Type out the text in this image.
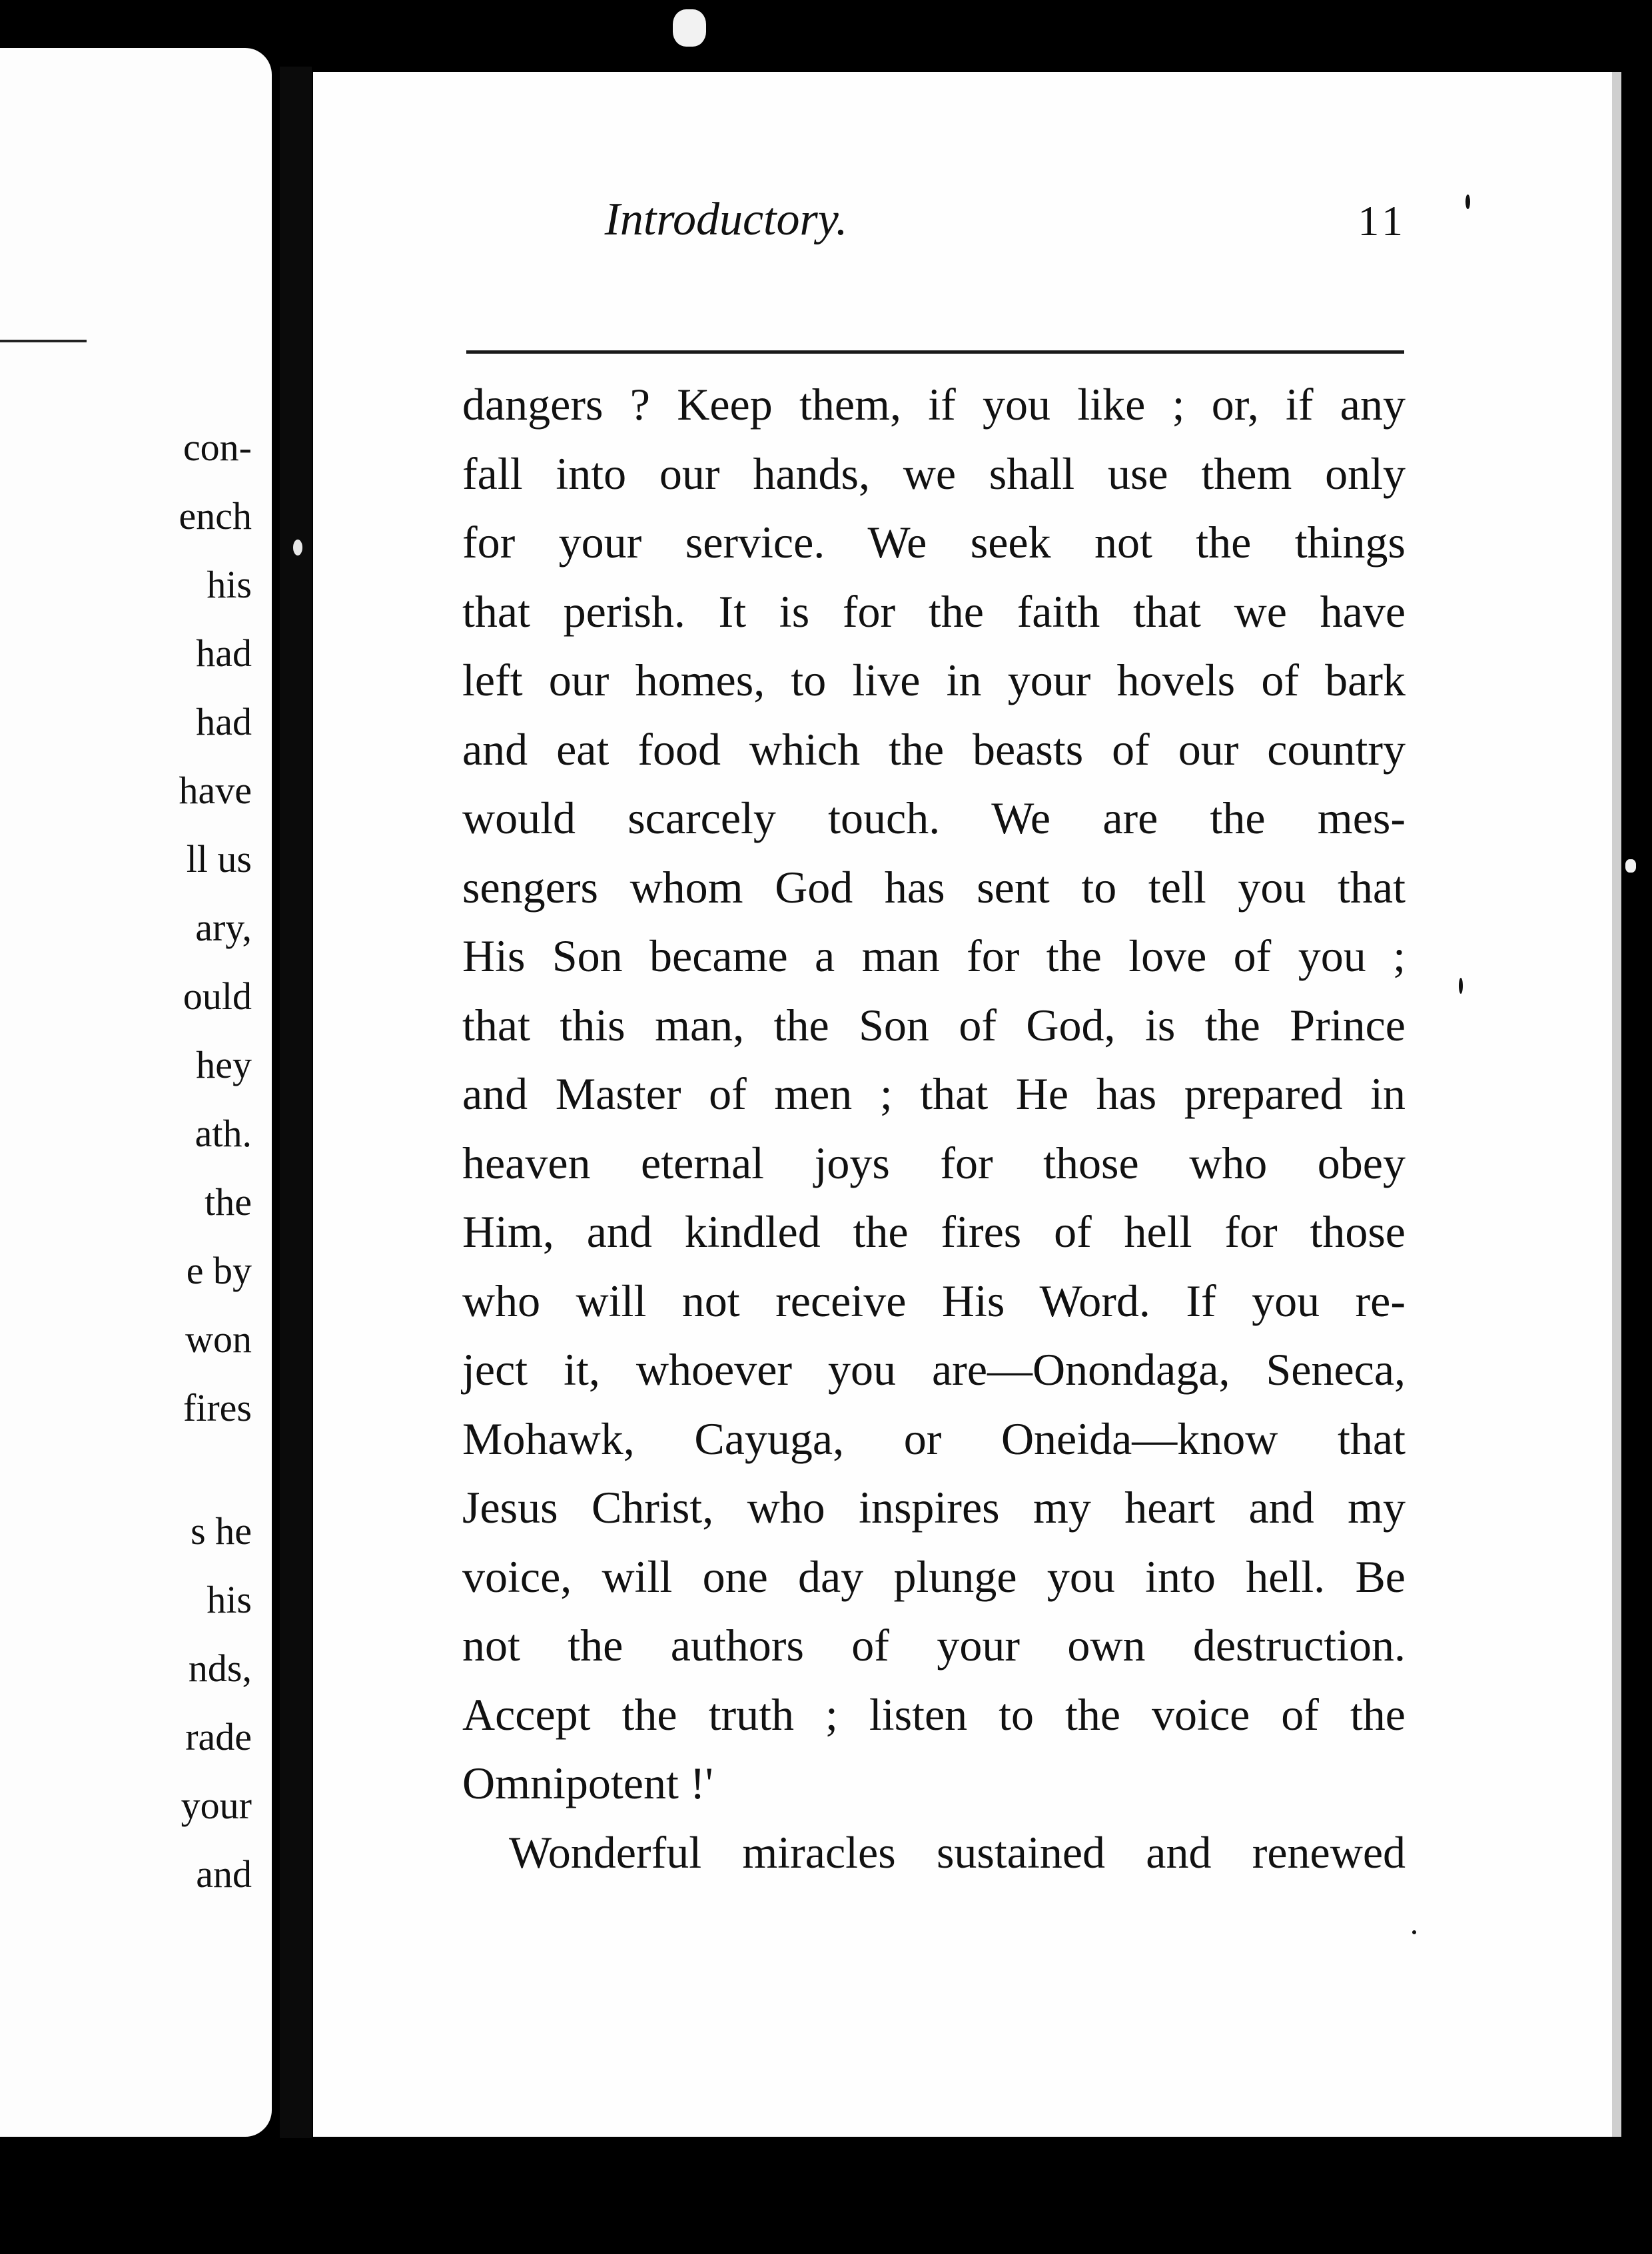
con-
ench
his
had
had
have
ll us
ary,
ould
hey
ath.
the
e by
won
fires
s he
his
nds,
rade
your
and
Introductory.	11
dangers ? Keep them, if you like ; or, if any
fall into our hands, we shall use them only
for your service. We seek not the things
that perish. It is for the faith that we have
left our homes, to live in your hovels of bark
and eat food which the beasts of our country
would scarcely touch. We are the mes-
sengers whom God has sent to tell you that
His Son became a man for the love of you ;
that this man, the Son of God, is the Prince
and Master of men ; that He has prepared in
heaven eternal joys for those who obey
Him, and kindled the fires of hell for those
who will not receive His Word. If you re-
ject it, whoever you are—Onondaga, Seneca,
Mohawk, Cayuga, or Oneida—know that
Jesus Christ, who inspires my heart and my
voice, will one day plunge you into hell. Be
not the authors of your own destruction.
Accept the truth ; listen to the voice of the
Omnipotent !'
Wonderful miracles sustained and renewed
